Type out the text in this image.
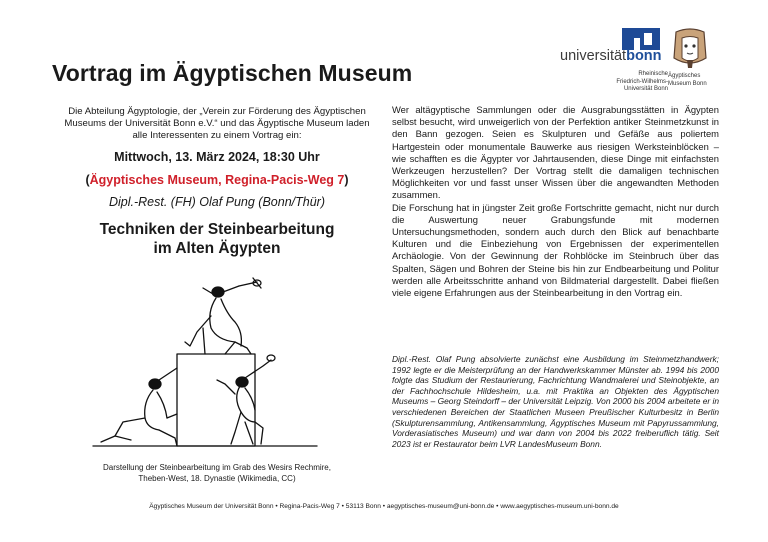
Vortrag im Ägyptischen Museum
universitätbonn
Rheinische
Friedrich-Wilhelms-
Universität Bonn
Ägyptisches
Museum Bonn
Die Abteilung Ägyptologie, der „Verein zur Förderung des Ägyptischen Museums der Universität Bonn e.V.“ und das Ägyptische Museum laden alle Interessenten zu einem Vortrag ein:
Mittwoch, 13. März 2024, 18:30 Uhr
(Ägyptisches Museum, Regina-Pacis-Weg 7)
Dipl.-Rest. (FH) Olaf Pung (Bonn/Thür)
Techniken der Steinbearbeitung
im Alten Ägypten
Darstellung der Steinbearbeitung im Grab des Wesirs Rechmire,
Theben-West, 18. Dynastie (Wikimedia, CC)

Wer altägyptische Sammlungen oder die Ausgrabungsstätten in Ägypten selbst besucht, wird unweigerlich von der Perfektion antiker Steinmetzkunst in den Bann gezogen. Seien es Skulpturen und Gefäße aus poliertem Hartgestein oder monumentale Bauwerke aus riesigen Werksteinblöcken – wie schafften es die Ägypter vor Jahrtausenden, diese Dinge mit einfachsten Werkzeugen herzustellen? Der Vortrag stellt die damaligen technischen Möglichkeiten vor und fasst unser Wissen über die angewandten Methoden zusammen.

Die Forschung hat in jüngster Zeit große Fortschritte gemacht, nicht nur durch die Auswertung neuer Grabungsfunde mit modernen Untersuchungsmethoden, sondern auch durch den Blick auf benachbarte Kulturen und die Einbeziehung von Ergebnissen der experimentellen Archäologie. Von der Gewinnung der Rohblöcke im Steinbruch über das Spalten, Sägen und Bohren der Steine bis hin zur Endbearbeitung und Politur werden alle Arbeitsschritte anhand von Bildmaterial dargestellt. Dabei fließen viele eigene Erfahrungen aus der Steinbearbeitung in den Vortrag ein.

Dipl.-Rest. Olaf Pung absolvierte zunächst eine Ausbildung im Steinmetzhandwerk; 1992 legte er die Meisterprüfung an der Handwerkskammer Münster ab. 1994 bis 2000 folgte das Studium der Restaurierung, Fachrichtung Wandmalerei und Steinobjekte, an der Fachhochschule Hildesheim, u.a. mit Praktika an Objekten des Ägyptischen Museums – Georg Steindorff – der Universität Leipzig. Von 2000 bis 2004 arbeitete er in verschiedenen Bereichen der Staatlichen Museen Preußischer Kulturbesitz in Berlin (Skulpturensammlung, Antikensammlung, Ägyptisches Museum mit Papyrussammlung, Vorderasiatisches Museum) und war dann von 2004 bis 2022 freiberuflich tätig. Seit 2023 ist er Restaurator beim LVR LandesMuseum Bonn.

Ägyptisches Museum der Universität Bonn • Regina-Pacis-Weg 7 • 53113 Bonn • aegyptisches-museum@uni-bonn.de • www.aegyptisches-museum.uni-bonn.de
